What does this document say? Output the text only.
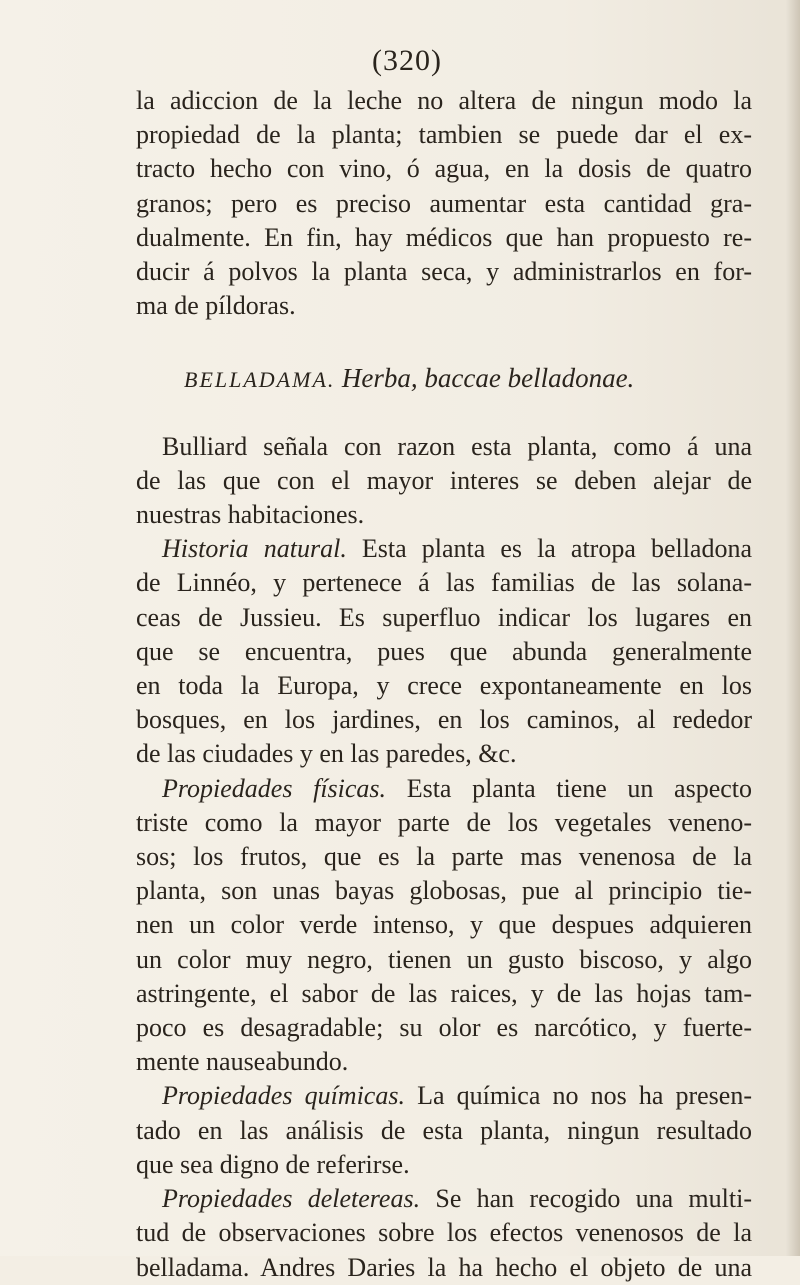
(320)
la adiccion de la leche no altera de ningun modo la
propiedad de la planta; tambien se puede dar el ex-
tracto hecho con vino, ó agua, en la dosis de quatro
granos; pero es preciso aumentar esta cantidad gra-
dualmente. En fin, hay médicos que han propuesto re-
ducir á polvos la planta seca, y administrarlos en for-
ma de píldoras.
BELLADAMA. Herba, baccae belladonae.
Bulliard señala con razon esta planta, como á una
de las que con el mayor interes se deben alejar de
nuestras habitaciones.
Historia natural. Esta planta es la atropa belladona
de Linnéo, y pertenece á las familias de las solana-
ceas de Jussieu. Es superfluo indicar los lugares en
que se encuentra, pues que abunda generalmente
en toda la Europa, y crece expontaneamente en los
bosques, en los jardines, en los caminos, al rededor
de las ciudades y en las paredes, &c.
Propiedades físicas. Esta planta tiene un aspecto
triste como la mayor parte de los vegetales veneno-
sos; los frutos, que es la parte mas venenosa de la
planta, son unas bayas globosas, pue al principio tie-
nen un color verde intenso, y que despues adquieren
un color muy negro, tienen un gusto biscoso, y algo
astringente, el sabor de las raices, y de las hojas tam-
poco es desagradable; su olor es narcótico, y fuerte-
mente nauseabundo.
Propiedades químicas. La química no nos ha presen-
tado en las análisis de esta planta, ningun resultado
que sea digno de referirse.
Propiedades deletereas. Se han recogido una multi-
tud de observaciones sobre los efectos venenosos de la
belladama. Andres Daries la ha hecho el objeto de una
